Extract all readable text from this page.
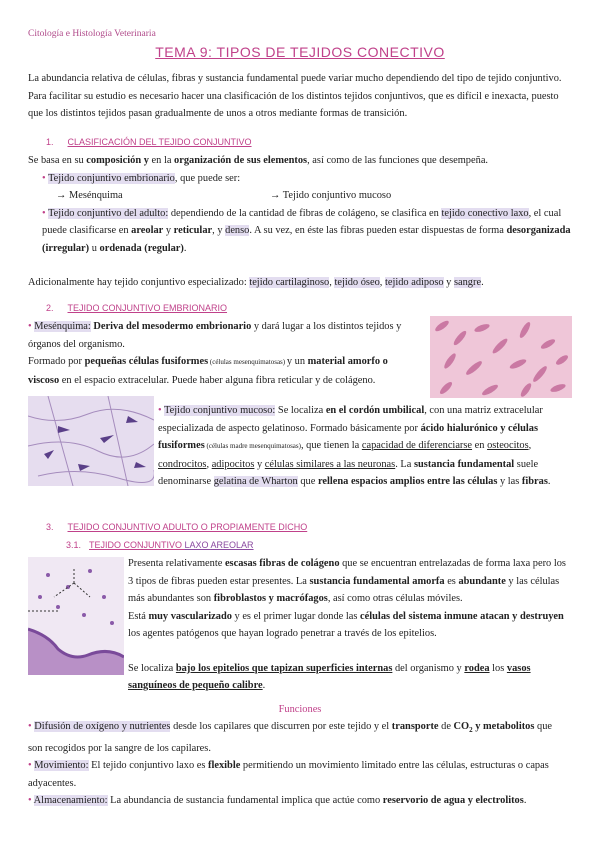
Citología e Histología Veterinaria
TEMA 9: TIPOS DE TEJIDOS CONECTIVO

La abundancia relativa de células, fibras y sustancia fundamental puede variar mucho dependiendo del tipo de tejido conjuntivo.

Para facilitar su estudio es necesario hacer una clasificación de los distintos tejidos conjuntivos, que es difícil e inexacta, puesto

que los distintos tejidos pasan gradualmente de unos a otros mediante formas de transición.

1. CLASIFICACIÓN DEL TEJIDO CONJUNTIVO

Se basa en su composición y en la organización de sus elementos, así como de las funciones que desempeña.

• Tejido conjuntivo embrionario, que puede ser:

→ Mesénquima	→ Tejido conjuntivo mucoso

• Tejido conjuntivo del adulto: dependiendo de la cantidad de fibras de colágeno, se clasifica en tejido conectivo laxo, el cual

puede clasificarse en areolar y reticular, y denso. A su vez, en éste las fibras pueden estar dispuestas de forma desorganizada

(irregular) u ordenada (regular).

Adicionalmente hay tejido conjuntivo especializado: tejido cartilaginoso, tejido óseo, tejido adiposo y sangre.

2. TEJIDO CONJUNTIVO EMBRIONARIO

• Mesénquima: Deriva del mesodermo embrionario y dará lugar a los distintos tejidos y

órganos del organismo.

Formado por pequeñas células fusiformes (células mesenquimatosas) y un material amorfo o

viscoso en el espacio extracelular. Puede haber alguna fibra reticular y de colágeno.

• Tejido conjuntivo mucoso: Se localiza en el cordón umbilical, con una matriz extracelular

especializada de aspecto gelatinoso. Formado básicamente por ácido hialurónico y células

fusiformes (células madre mesenquimatosas), que tienen la capacidad de diferenciarse en osteocitos,

condrocitos, adipocitos y células similares a las neuronas. La sustancia fundamental suele

denominarse gelatina de Wharton que rellena espacios amplios entre las células y las fibras.

3. TEJIDO CONJUNTIVO ADULTO O PROPIAMENTE DICHO
3.1. TEJIDO CONJUNTIVO LAXO AREOLAR

Presenta relativamente escasas fibras de colágeno que se encuentran entrelazadas de forma laxa pero los

3 tipos de fibras pueden estar presentes. La sustancia fundamental amorfa es abundante y las células

más abundantes son fibroblastos y macrófagos, así como otras células móviles.

Está muy vascularizado y es el primer lugar donde las células del sistema inmune atacan y destruyen

los agentes patógenos que hayan logrado penetrar a través de los epitelios.

Se localiza bajo los epitelios que tapizan superficies internas del organismo y rodea los vasos

sanguíneos de pequeño calibre.

Funciones

• Difusión de oxígeno y nutrientes desde los capilares que discurren por este tejido y el transporte de $CO_2$ y metabolitos que

son recogidos por la sangre de los capilares.

• Movimiento: El tejido conjuntivo laxo es flexible permitiendo un movimiento limitado entre las células, estructuras o capas

adyacentes.

• Almacenamiento: La abundancia de sustancia fundamental implica que actúe como reservorio de agua y electrolitos.
